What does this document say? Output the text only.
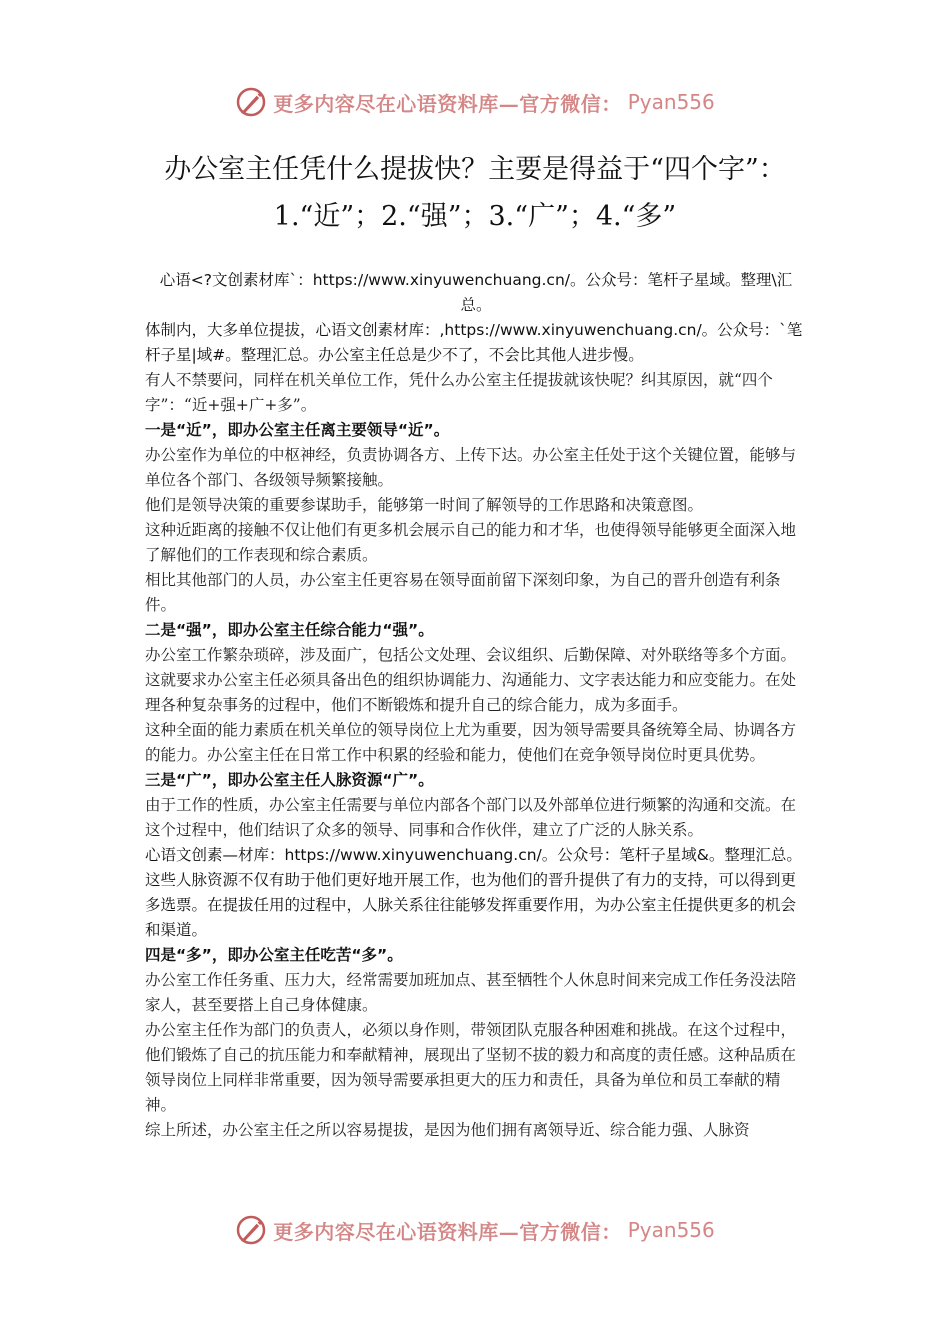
更多内容尽在心语资料库—官方微信： Pyan556
办公室主任凭什么提拔快？主要是得益于“四个字”：
1.“近”；2.“强”；3.“广”；4.“多”

心语<?文创素材库`：https://www.xinyuwenchuang.cn/。公众号：笔杆子星域。整理\汇总。

体制内，大多单位提拔，心语文创素材库：,https://www.xinyuwenchuang.cn/。公众号：`笔杆子星|域#。整理汇总。办公室主任总是少不了，不会比其他人进步慢。

有人不禁要问，同样在机关单位工作，凭什么办公室主任提拔就该快呢？纠其原因，就“四个字”：“近+强+广+多”。

一是“近”，即办公室主任离主要领导“近”。

办公室作为单位的中枢神经，负责协调各方、上传下达。办公室主任处于这个关键位置，能够与单位各个部门、各级领导频繁接触。

他们是领导决策的重要参谋助手，能够第一时间了解领导的工作思路和决策意图。

这种近距离的接触不仅让他们有更多机会展示自己的能力和才华，也使得领导能够更全面深入地了解他们的工作表现和综合素质。

相比其他部门的人员，办公室主任更容易在领导面前留下深刻印象，为自己的晋升创造有利条件。

二是“强”，即办公室主任综合能力“强”。

办公室工作繁杂琐碎，涉及面广，包括公文处理、会议组织、后勤保障、对外联络等多个方面。

这就要求办公室主任必须具备出色的组织协调能力、沟通能力、文字表达能力和应变能力。在处理各种复杂事务的过程中，他们不断锻炼和提升自己的综合能力，成为多面手。

这种全面的能力素质在机关单位的领导岗位上尤为重要，因为领导需要具备统筹全局、协调各方的能力。办公室主任在日常工作中积累的经验和能力，使他们在竞争领导岗位时更具优势。

三是“广”，即办公室主任人脉资源“广”。

由于工作的性质，办公室主任需要与单位内部各个部门以及外部单位进行频繁的沟通和交流。在这个过程中，他们结识了众多的领导、同事和合作伙伴，建立了广泛的人脉关系。

心语文创素—材库：https://www.xinyuwenchuang.cn/。公众号：笔杆子星域&。整理汇总。这些人脉资源不仅有助于他们更好地开展工作，也为他们的晋升提供了有力的支持，可以得到更多选票。在提拔任用的过程中，人脉关系往往能够发挥重要作用，为办公室主任提供更多的机会和渠道。

四是“多”，即办公室主任吃苦“多”。

办公室工作任务重、压力大，经常需要加班加点、甚至牺牲个人休息时间来完成工作任务没法陪家人，甚至要搭上自己身体健康。

办公室主任作为部门的负责人，必须以身作则，带领团队克服各种困难和挑战。在这个过程中，他们锻炼了自己的抗压能力和奉献精神，展现出了坚韧不拔的毅力和高度的责任感。这种品质在领导岗位上同样非常重要，因为领导需要承担更大的压力和责任，具备为单位和员工奉献的精神。

综上所述，办公室主任之所以容易提拔，是因为他们拥有离领导近、综合能力强、人脉资

更多内容尽在心语资料库—官方微信： Pyan556
